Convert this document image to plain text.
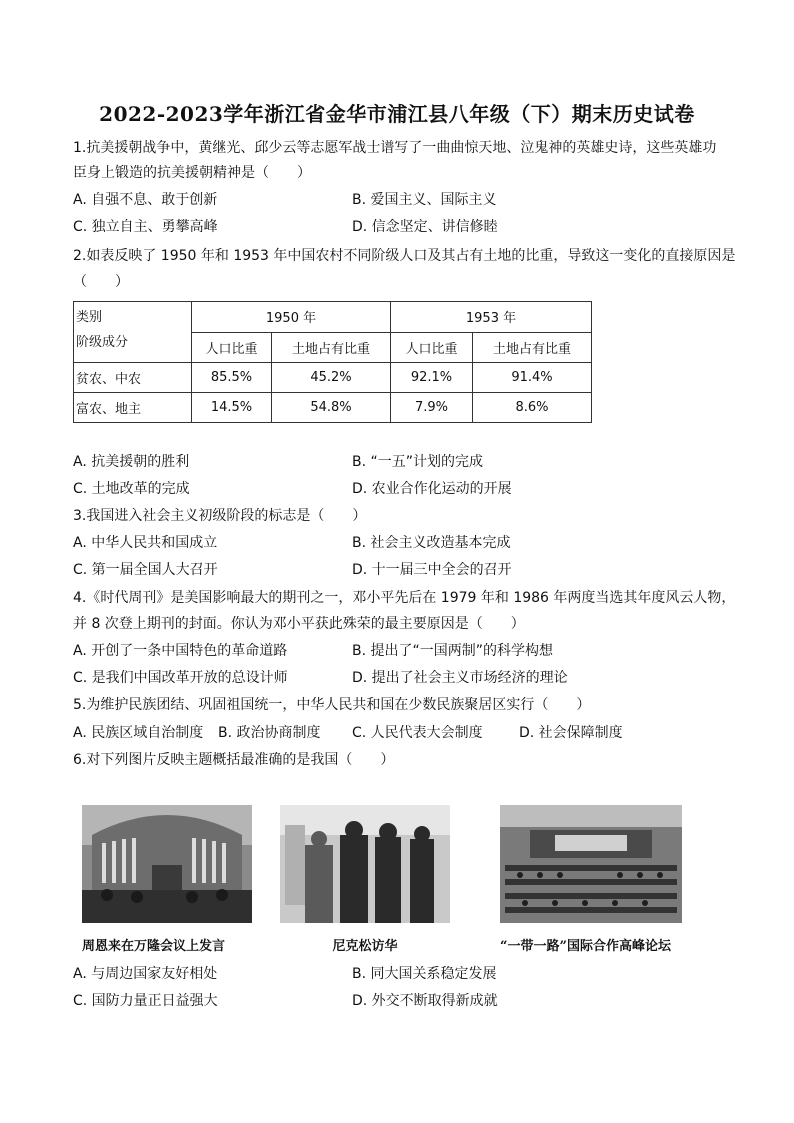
2022-2023学年浙江省金华市浦江县八年级（下）期末历史试卷
1.抗美援朝战争中，黄继光、邱少云等志愿军战士谱写了一曲曲惊天地、泣鬼神的英雄史诗，这些英雄功
臣身上锻造的抗美援朝精神是（　　）
A. 自强不息、敢于创新	B. 爱国主义、国际主义
C. 独立自主、勇攀高峰	D. 信念坚定、讲信修睦
2.如表反映了 1950 年和 1953 年中国农村不同阶级人口及其占有土地的比重，导致这一变化的直接原因是
（　　）
类别
阶级成分	1950 年		1953 年	
	人口比重	土地占有比重	人口比重	土地占有比重
贫农、中农	85.5%	45.2%	92.1%	91.4%
富农、地主	14.5%	54.8%	7.9%	8.6%
A. 抗美援朝的胜利	B. “一五”计划的完成
C. 土地改革的完成	D. 农业合作化运动的开展
3.我国进入社会主义初级阶段的标志是（　　）
A. 中华人民共和国成立	B. 社会主义改造基本完成
C. 第一届全国人大召开	D. 十一届三中全会的召开
4.《时代周刊》是美国影响最大的期刊之一，邓小平先后在 1979 年和 1986 年两度当选其年度风云人物，
并 8 次登上期刊的封面。你认为邓小平获此殊荣的最主要原因是（　　）
A. 开创了一条中国特色的革命道路	B. 提出了“一国两制”的科学构想
C. 是我们中国改革开放的总设计师	D. 提出了社会主义市场经济的理论
5.为维护民族团结、巩固祖国统一，中华人民共和国在少数民族聚居区实行（　　）
A. 民族区域自治制度 B. 政治协商制度 C. 人民代表大会制度	D. 社会保障制度
6.对下列图片反映主题概括最准确的是我国（　　）
周恩来在万隆会议上发言	尼克松访华	“一带一路”国际合作高峰论坛
A. 与周边国家友好相处	B. 同大国关系稳定发展
C. 国防力量正日益强大	D. 外交不断取得新成就
